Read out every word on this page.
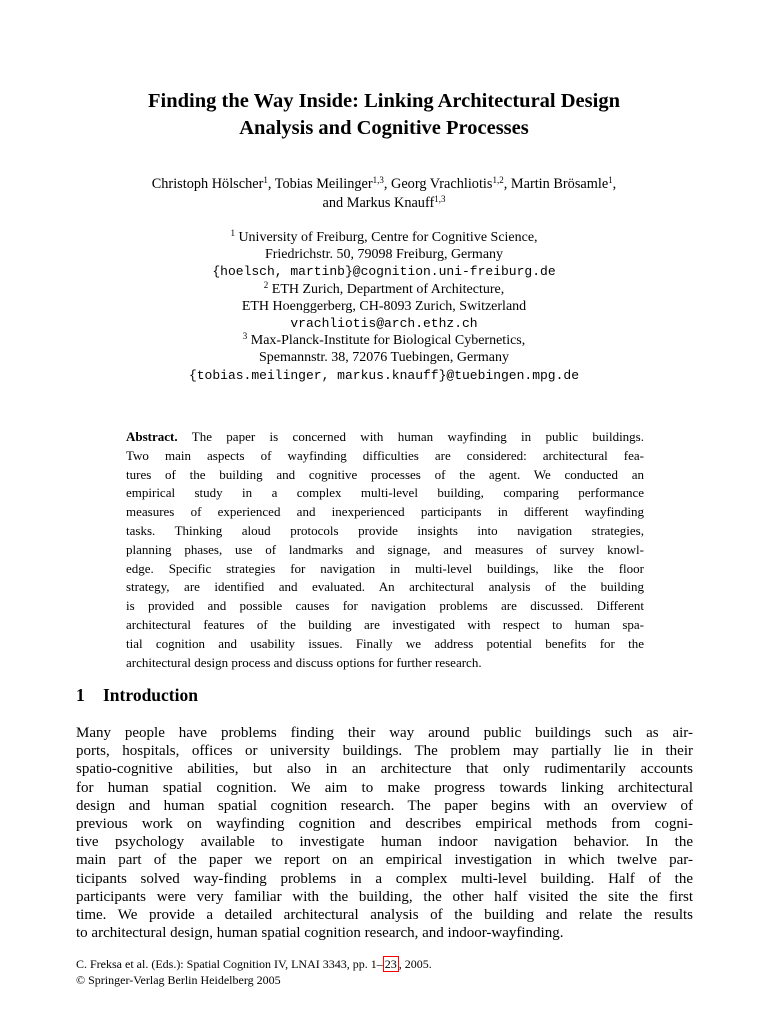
Finding the Way Inside: Linking Architectural Design
Analysis and Cognitive Processes
Christoph Hölscher$^1$, Tobias Meilinger$^{1,3}$, Georg Vrachliotis$^{1,2}$, Martin Brösamle$^1$,
and Markus Knauff$^{1,3}$
$^1$ University of Freiburg, Centre for Cognitive Science,
Friedrichstr. 50, 79098 Freiburg, Germany
{hoelsch, martinb}@cognition.uni-freiburg.de
$^2$ ETH Zurich, Department of Architecture,
ETH Hoenggerberg, CH-8093 Zurich, Switzerland
vrachliotis@arch.ethz.ch
$^3$ Max-Planck-Institute for Biological Cybernetics,
Spemannstr. 38, 72076 Tuebingen, Germany
{tobias.meilinger, markus.knauff}@tuebingen.mpg.de
Abstract. The paper is concerned with human wayfinding in public buildings.
Two main aspects of wayfinding difficulties are considered: architectural fea-
tures of the building and cognitive processes of the agent. We conducted an
empirical study in a complex multi-level building, comparing performance
measures of experienced and inexperienced participants in different wayfinding
tasks. Thinking aloud protocols provide insights into navigation strategies,
planning phases, use of landmarks and signage, and measures of survey knowl-
edge. Specific strategies for navigation in multi-level buildings, like the floor
strategy, are identified and evaluated. An architectural analysis of the building
is provided and possible causes for navigation problems are discussed. Different
architectural features of the building are investigated with respect to human spa-
tial cognition and usability issues. Finally we address potential benefits for the
architectural design process and discuss options for further research.
1 Introduction
Many people have problems finding their way around public buildings such as air-
ports, hospitals, offices or university buildings. The problem may partially lie in their
spatio-cognitive abilities, but also in an architecture that only rudimentarily accounts
for human spatial cognition. We aim to make progress towards linking architectural
design and human spatial cognition research. The paper begins with an overview of
previous work on wayfinding cognition and describes empirical methods from cogni-
tive psychology available to investigate human indoor navigation behavior. In the
main part of the paper we report on an empirical investigation in which twelve par-
ticipants solved way-finding problems in a complex multi-level building. Half of the
participants were very familiar with the building, the other half visited the site the first
time. We provide a detailed architectural analysis of the building and relate the results
to architectural design, human spatial cognition research, and indoor-wayfinding.
C. Freksa et al. (Eds.): Spatial Cognition IV, LNAI 3343, pp. 1– 23 , 2005.
© Springer-Verlag Berlin Heidelberg 2005
